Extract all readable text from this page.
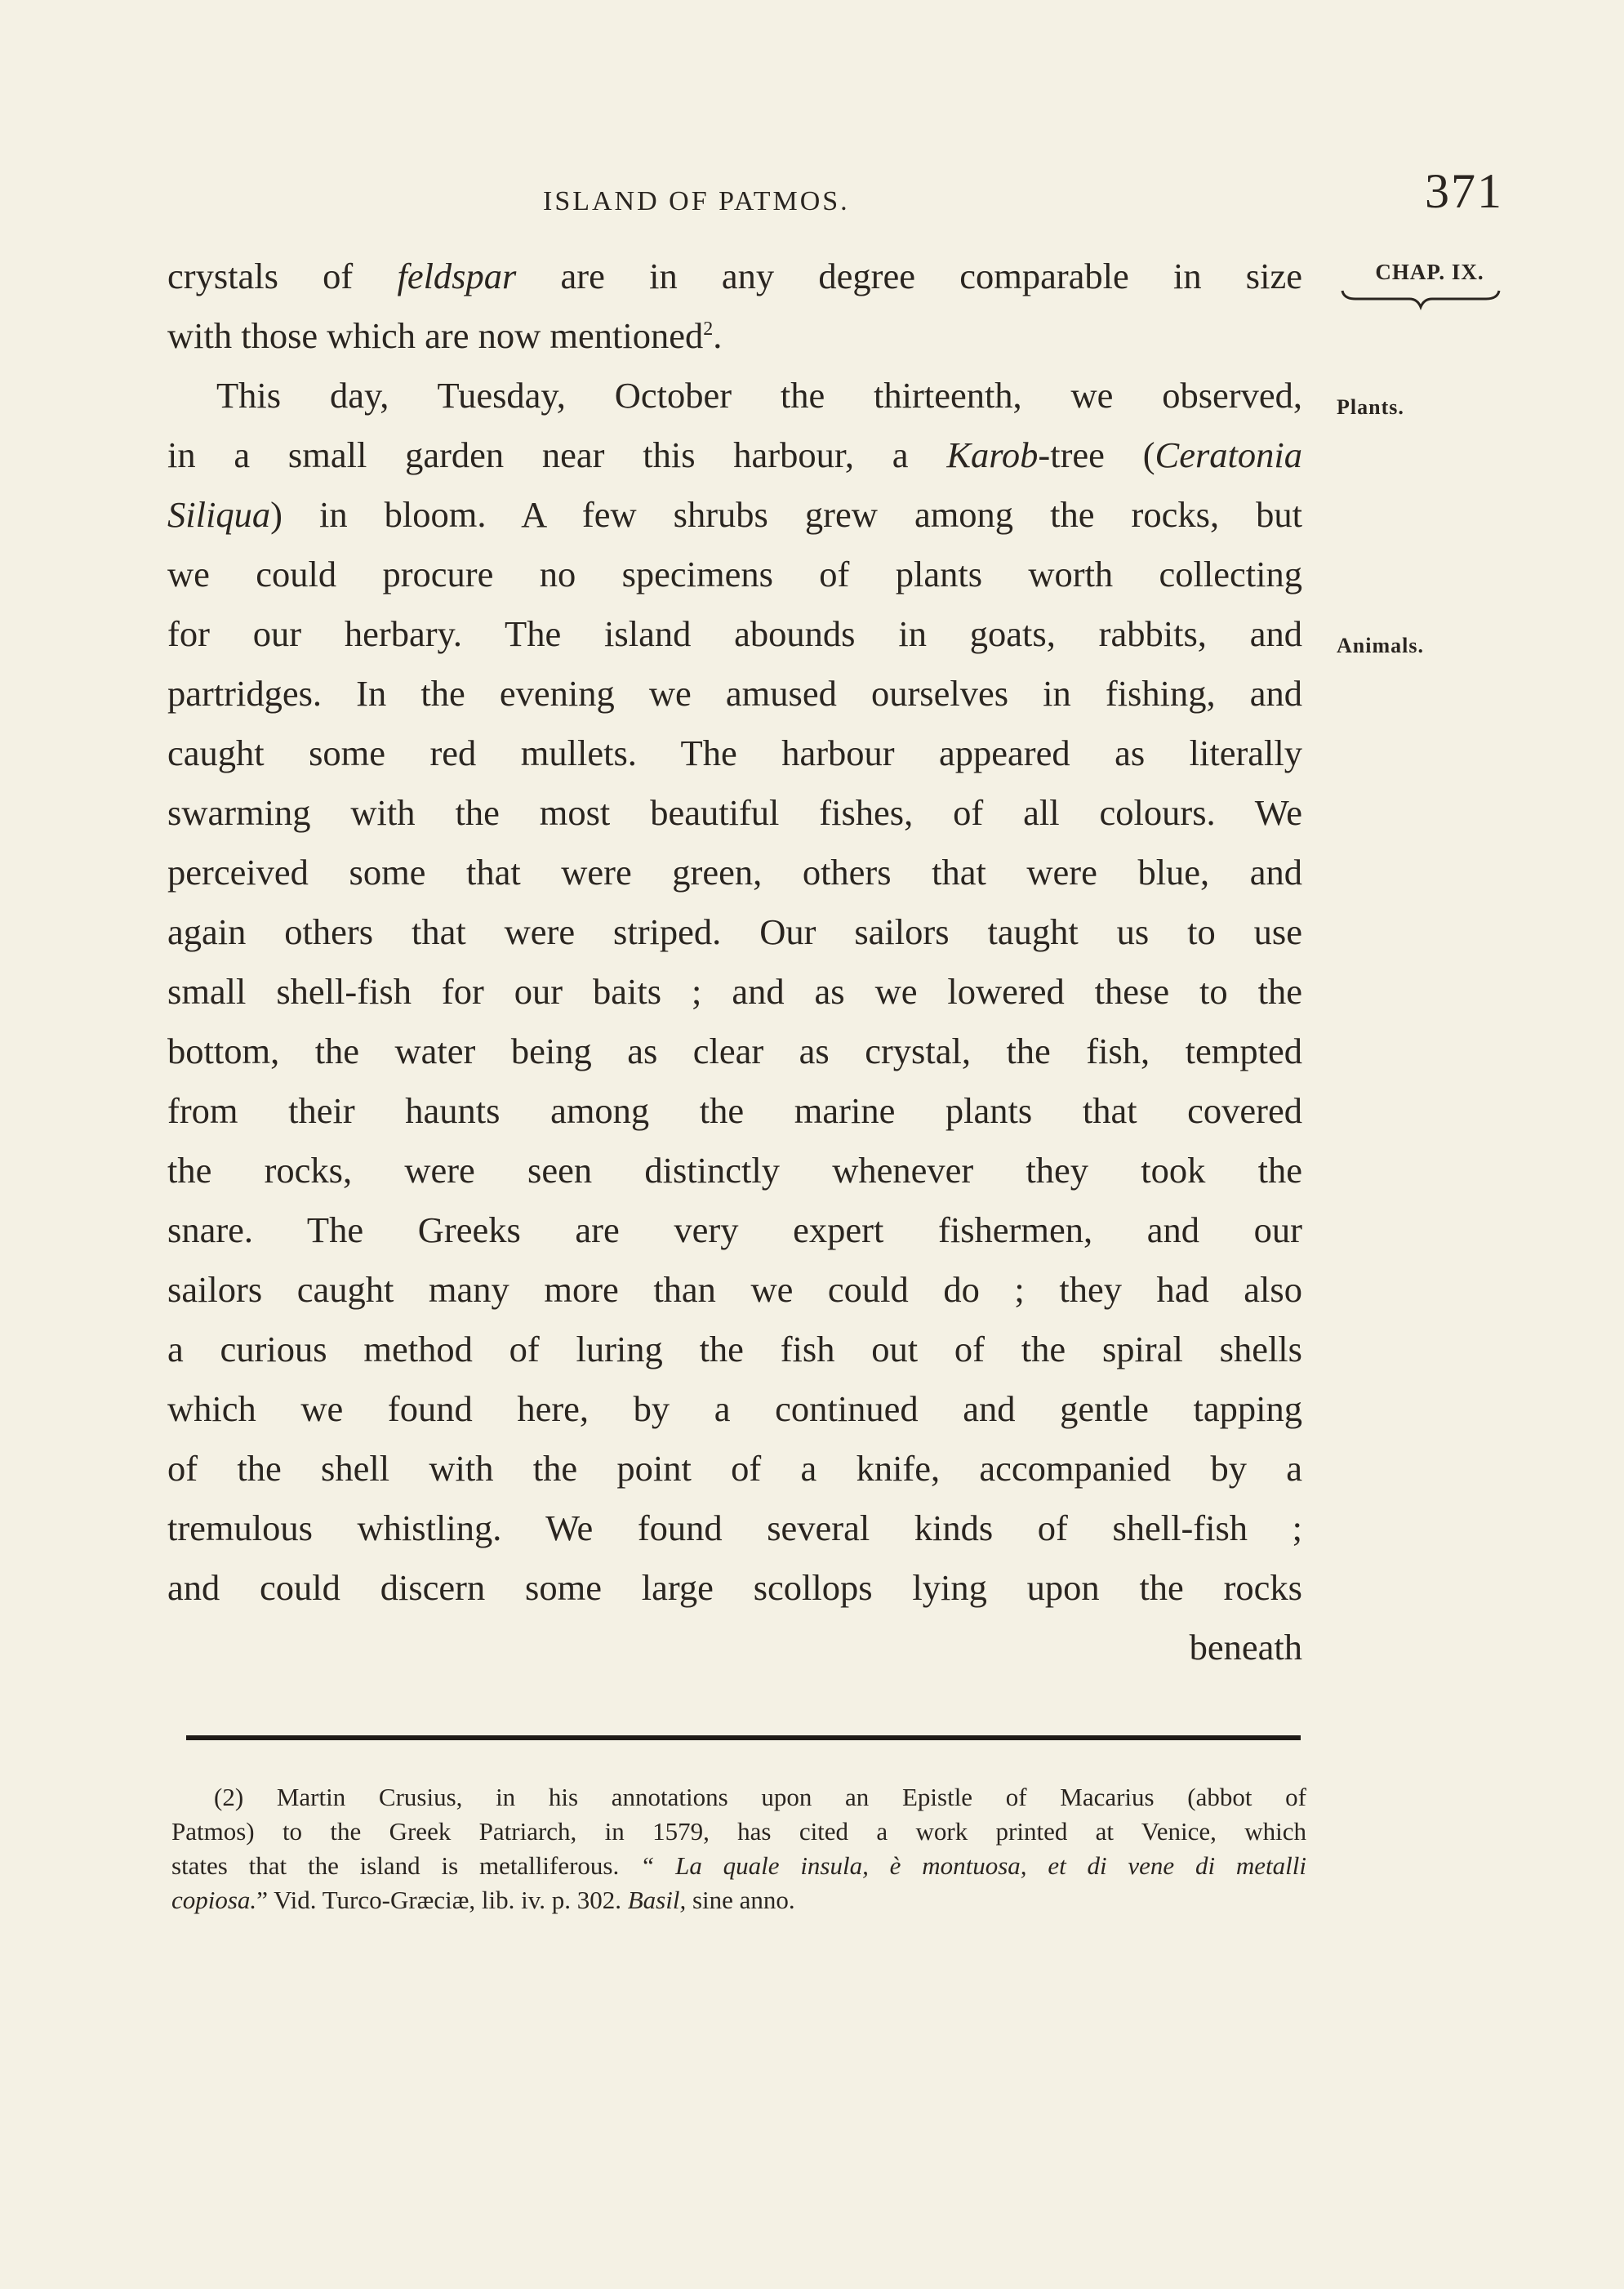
ISLAND OF PATMOS.	371
CHAP. IX.
Plants.
Animals.
crystals of feldspar are in any degree comparable in size
with those which are now mentioned$^2$.
This day, Tuesday, October the thirteenth, we observed,
in a small garden near this harbour, a Karob-tree (Ceratonia
Siliqua) in bloom. A few shrubs grew among the rocks, but
we could procure no specimens of plants worth collecting
for our herbary. The island abounds in goats, rabbits, and
partridges. In the evening we amused ourselves in fishing, and
caught some red mullets. The harbour appeared as literally
swarming with the most beautiful fishes, of all colours. We
perceived some that were green, others that were blue, and
again others that were striped. Our sailors taught us to use
small shell-fish for our baits ; and as we lowered these to the
bottom, the water being as clear as crystal, the fish, tempted
from their haunts among the marine plants that covered
the rocks, were seen distinctly whenever they took the
snare. The Greeks are very expert fishermen, and our
sailors caught many more than we could do ; they had also
a curious method of luring the fish out of the spiral shells
which we found here, by a continued and gentle tapping
of the shell with the point of a knife, accompanied by a
tremulous whistling. We found several kinds of shell-fish ;
and could discern some large scollops lying upon the rocks
beneath
(2) Martin Crusius, in his annotations upon an Epistle of Macarius (abbot of
Patmos) to the Greek Patriarch, in 1579, has cited a work printed at Venice, which
states that the island is metalliferous. “ La quale insula, è montuosa, et di vene di metalli
copiosa.” Vid. Turco-Græciæ, lib. iv. p. 302. Basil, sine anno.
